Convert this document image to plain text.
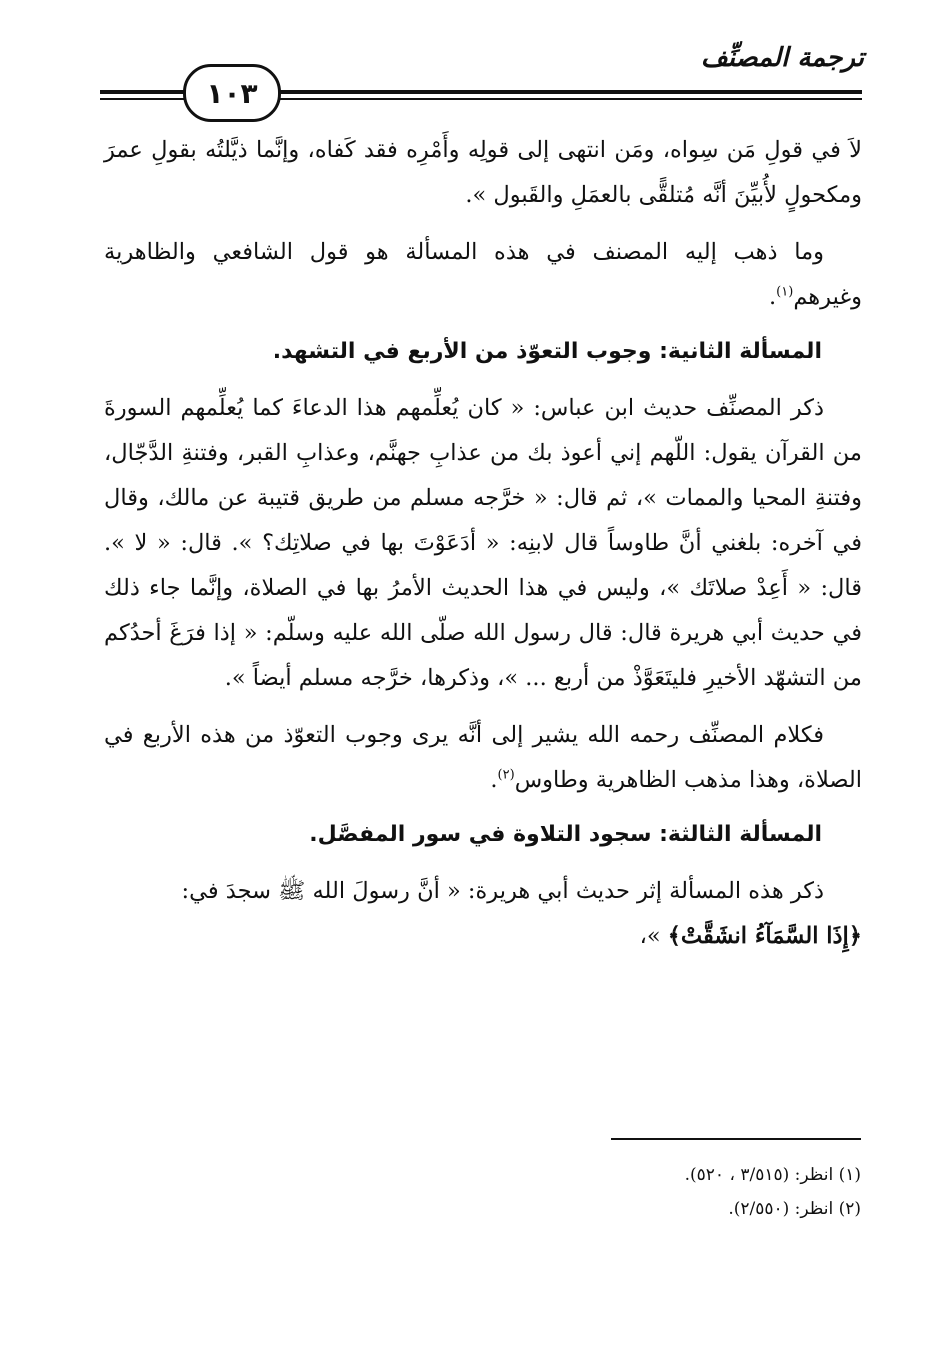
ترجمة المصنِّف
١٠٣

لاَ في قولِ مَن سِواه، ومَن انتهى إلى قولِه وأَمْرِه فقد كَفاه، وإنَّما ذيَّلتُه بقولِ عمرَ ومكحولٍ لأُبيِّنَ أنَّه مُتلقًّى بالعمَلِ والقَبول ».

وما ذهب إليه المصنف في هذه المسألة هو قول الشافعي والظاهرية وغيرهم$^{(١)}$.

المسألة الثانية: وجوب التعوّذ من الأربع في التشهد.

ذكر المصنِّف حديث ابن عباس: « كان يُعلِّمهم هذا الدعاءَ كما يُعلِّمهم السورةَ من القرآن يقول: اللّهم إني أعوذ بك من عذابِ جهنَّم، وعذابِ القبر، وفتنةِ الدَّجّال، وفتنةِ المحيا والممات »، ثم قال: « خرَّجه مسلم من طريق قتيبة عن مالك، وقال في آخره: بلغني أنَّ طاوساً قال لابنِه: « أدَعَوْتَ بها في صلاتِك؟ ». قال: « لا ». قال: « أَعِدْ صلاتَك »، وليس في هذا الحديث الأمرُ بها في الصلاة، وإنَّما جاء ذلك في حديث أبي هريرة قال: قال رسول الله صلّى الله عليه وسلّم: « إذا فرَغَ أحدُكم من التشهّد الأخيرِ فليتَعَوَّذْ من أربع ... »، وذكرها، خرَّجه مسلم أيضاً ».

فكلام المصنِّف رحمه الله يشير إلى أنَّه يرى وجوب التعوّذ من هذه الأربع في الصلاة، وهذا مذهب الظاهرية وطاوس$^{(٢)}$.

المسألة الثالثة: سجود التلاوة في سور المفصَّل.

ذكر هذه المسألة إثر حديث أبي هريرة: « أنَّ رسولَ الله ﷺ سجدَ في:
﴿إِذَا السَّمَآءُ انشَقَّتْ﴾ »،

(١) انظر: (٣/٥١٥ ، ٥٢٠).
(٢) انظر: (٢/٥٥٠).
